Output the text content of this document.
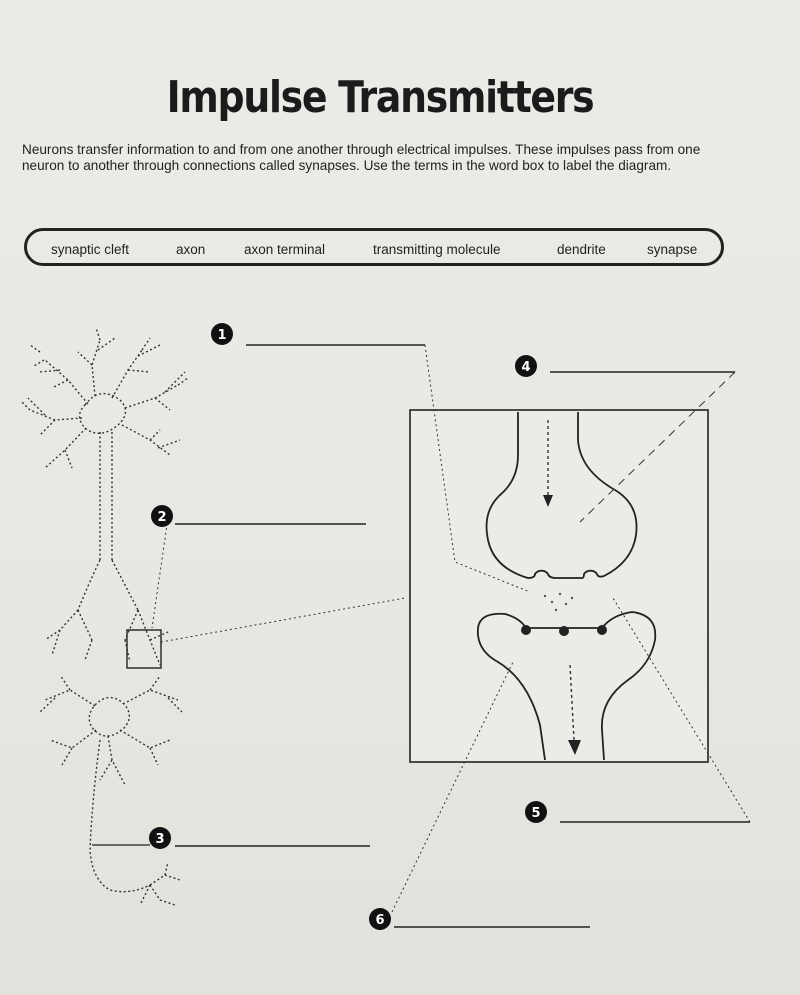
Impulse Transmitters
Neurons transfer information to and from one another through electrical impulses. These impulses pass from one neuron to another through connections called synapses. Use the terms in the word box to label the diagram.
synaptic cleft	axon	axon terminal	transmitting molecule	dendrite	synapse
1
2
3
4
5
6
